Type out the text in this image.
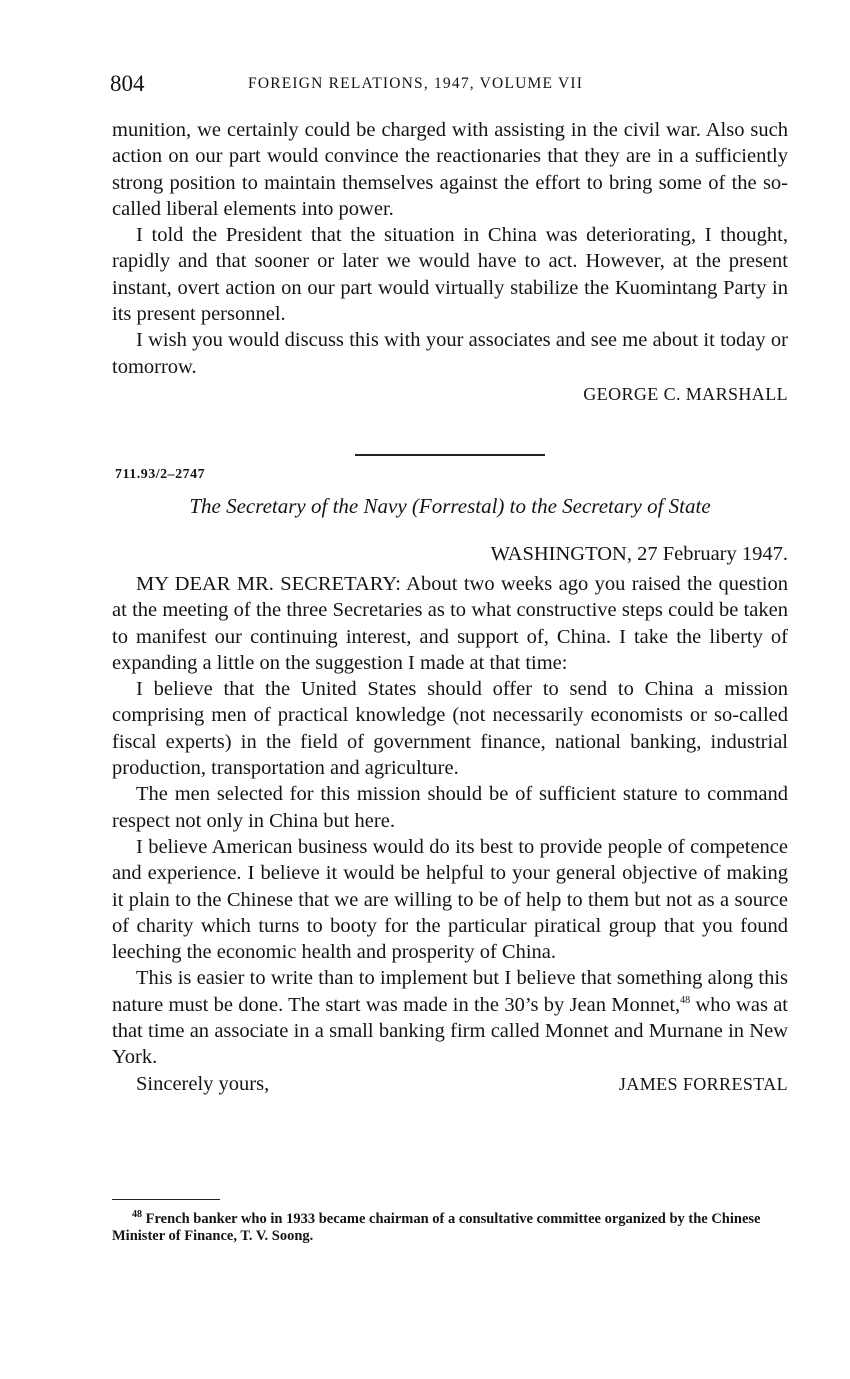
804	FOREIGN RELATIONS, 1947, VOLUME VII

munition, we certainly could be charged with assisting in the civil war. Also such action on our part would convince the reactionaries that they are in a sufficiently strong position to maintain themselves against the effort to bring some of the so-called liberal elements into power.

I told the President that the situation in China was deteriorating, I thought, rapidly and that sooner or later we would have to act. However, at the present instant, overt action on our part would virtually stabilize the Kuomintang Party in its present personnel.

I wish you would discuss this with your associates and see me about it today or tomorrow.

GEORGE C. MARSHALL
711.93/2–2747
The Secretary of the Navy (Forrestal) to the Secretary of State
WASHINGTON, 27 February 1947.

MY DEAR MR. SECRETARY: About two weeks ago you raised the question at the meeting of the three Secretaries as to what constructive steps could be taken to manifest our continuing interest, and support of, China. I take the liberty of expanding a little on the suggestion I made at that time:

I believe that the United States should offer to send to China a mission comprising men of practical knowledge (not necessarily economists or so-called fiscal experts) in the field of government finance, national banking, industrial production, transportation and agriculture.

The men selected for this mission should be of sufficient stature to command respect not only in China but here.

I believe American business would do its best to provide people of competence and experience. I believe it would be helpful to your general objective of making it plain to the Chinese that we are willing to be of help to them but not as a source of charity which turns to booty for the particular piratical group that you found leeching the economic health and prosperity of China.

This is easier to write than to implement but I believe that something along this nature must be done. The start was made in the 30’s by Jean Monnet,$^{48}$ who was at that time an associate in a small banking firm called Monnet and Murnane in New York.

Sincerely yours,	JAMES FORRESTAL

$^{48}$ French banker who in 1933 became chairman of a consultative committee organized by the Chinese Minister of Finance, T. V. Soong.
